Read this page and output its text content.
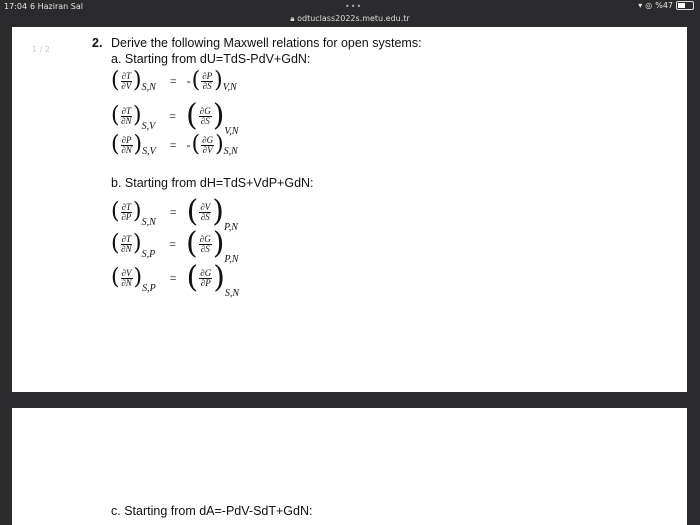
17:04 6 Haziran Sal	▾ ◎ %47
•••
🔒︎ odtuclass2022s.metu.edu.tr
1 / 2	2. Derive the following Maxwell relations for open systems:
a. Starting from dU=TdS-PdV+GdN:
( $\frac{\partial T}{\partial V}$ ) S,N = - ( $\frac{\partial P}{\partial S}$ ) V,N
( $\frac{\partial T}{\partial N}$ ) S,V
= ( $\frac{\partial G}{\partial S}$ ) V,N
( $\frac{\partial P}{\partial N}$ ) S,V = - ( $\frac{\partial G}{\partial V}$ ) S,N
b. Starting from dH=TdS+VdP+GdN:
( $\frac{\partial T}{\partial P}$ ) S,N
= ( $\frac{\partial V}{\partial S}$ ) P,N
( $\frac{\partial T}{\partial N}$ ) S,P
= ( $\frac{\partial G}{\partial S}$ ) P,N
( $\frac{\partial V}{\partial N}$ ) S,P
= ( $\frac{\partial G}{\partial P}$ ) S,N
c. Starting from dA=-PdV-SdT+GdN:
